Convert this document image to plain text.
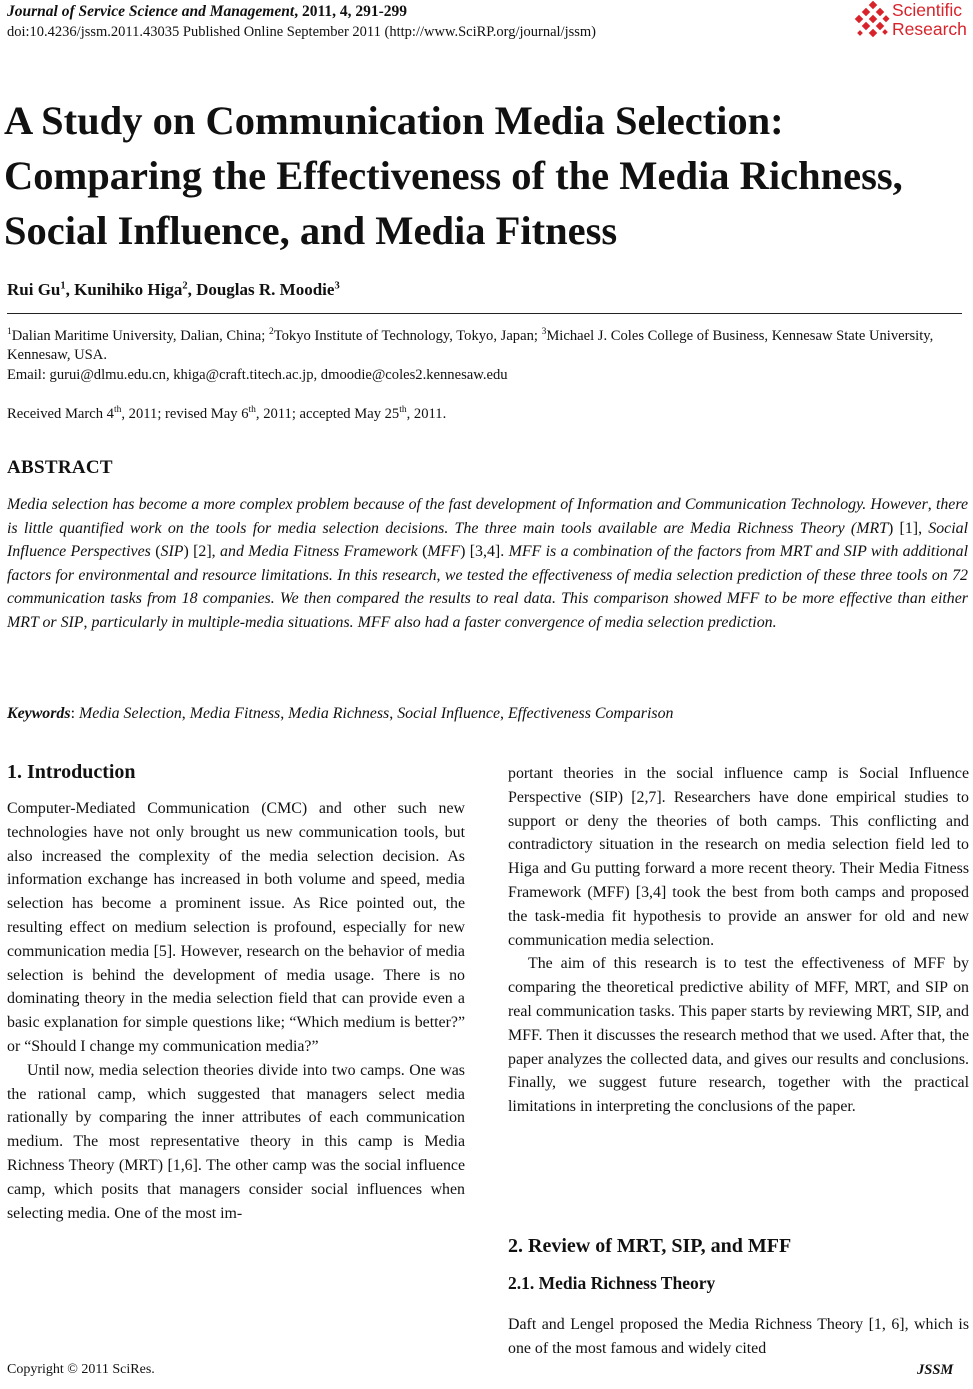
Journal of Service Science and Management, 2011, 4, 291-299
doi:10.4236/jssm.2011.43035 Published Online September 2011 (http://www.SciRP.org/journal/jssm)
Scientific
Research
A Study on Communication Media Selection: Comparing the Effectiveness of the Media Richness, Social Influence, and Media Fitness
Rui Gu$^1$, Kunihiko Higa$^2$, Douglas R. Moodie$^3$
$^1$Dalian Maritime University, Dalian, China; $^2$Tokyo Institute of Technology, Tokyo, Japan; $^3$Michael J. Coles College of Business, Kennesaw State University, Kennesaw, USA.
Email: gurui@dlmu.edu.cn, khiga@craft.titech.ac.jp, dmoodie@coles2.kennesaw.edu
Received March 4th, 2011; revised May 6th, 2011; accepted May 25th, 2011.
ABSTRACT
Media selection has become a more complex problem because of the fast development of Information and Communication Technology. However, there is little quantified work on the tools for media selection decisions. The three main tools available are Media Richness Theory (MRT) [1], Social Influence Perspectives (SIP) [2], and Media Fitness Framework (MFF) [3,4]. MFF is a combination of the factors from MRT and SIP with additional factors for environmental and resource limitations. In this research, we tested the effectiveness of media selection prediction of these three tools on 72 communication tasks from 18 companies. We then compared the results to real data. This comparison showed MFF to be more effective than either MRT or SIP, particularly in multiple-media situations. MFF also had a faster convergence of media selection prediction.
Keywords: Media Selection, Media Fitness, Media Richness, Social Influence, Effectiveness Comparison
1. Introduction

Computer-Mediated Communication (CMC) and other such new technologies have not only brought us new communication tools, but also increased the complexity of the media selection decision. As information exchange has increased in both volume and speed, media selection has become a prominent issue. As Rice pointed out, the resulting effect on medium selection is profound, especially for new communication media [5]. However, research on the behavior of media selection is behind the development of media usage. There is no dominating theory in the media selection field that can provide even a basic explanation for simple questions like; “Which medium is better?” or “Should I change my communication media?”

Until now, media selection theories divide into two camps. One was the rational camp, which suggested that managers select media rationally by comparing the inner attributes of each communication medium. The most representative theory in this camp is Media Richness Theory (MRT) [1,6]. The other camp was the social influence camp, which posits that managers consider social influences when selecting media. One of the most im-

portant theories in the social influence camp is Social Influence Perspective (SIP) [2,7]. Researchers have done empirical studies to support or deny the theories of both camps. This conflicting and contradictory situation in the research on media selection field led to Higa and Gu putting forward a more recent theory. Their Media Fitness Framework (MFF) [3,4] took the best from both camps and proposed the task-media fit hypothesis to provide an answer for old and new communication media selection.

The aim of this research is to test the effectiveness of MFF by comparing the theoretical predictive ability of MFF, MRT, and SIP on real communication tasks. This paper starts by reviewing MRT, SIP, and MFF. Then it discusses the research method that we used. After that, the paper analyzes the collected data, and gives our results and conclusions. Finally, we suggest future research, together with the practical limitations in interpreting the conclusions of the paper.

2. Review of MRT, SIP, and MFF
2.1. Media Richness Theory

Daft and Lengel proposed the Media Richness Theory [1, 6], which is one of the most famous and widely cited

Copyright © 2011 SciRes.	JSSM
